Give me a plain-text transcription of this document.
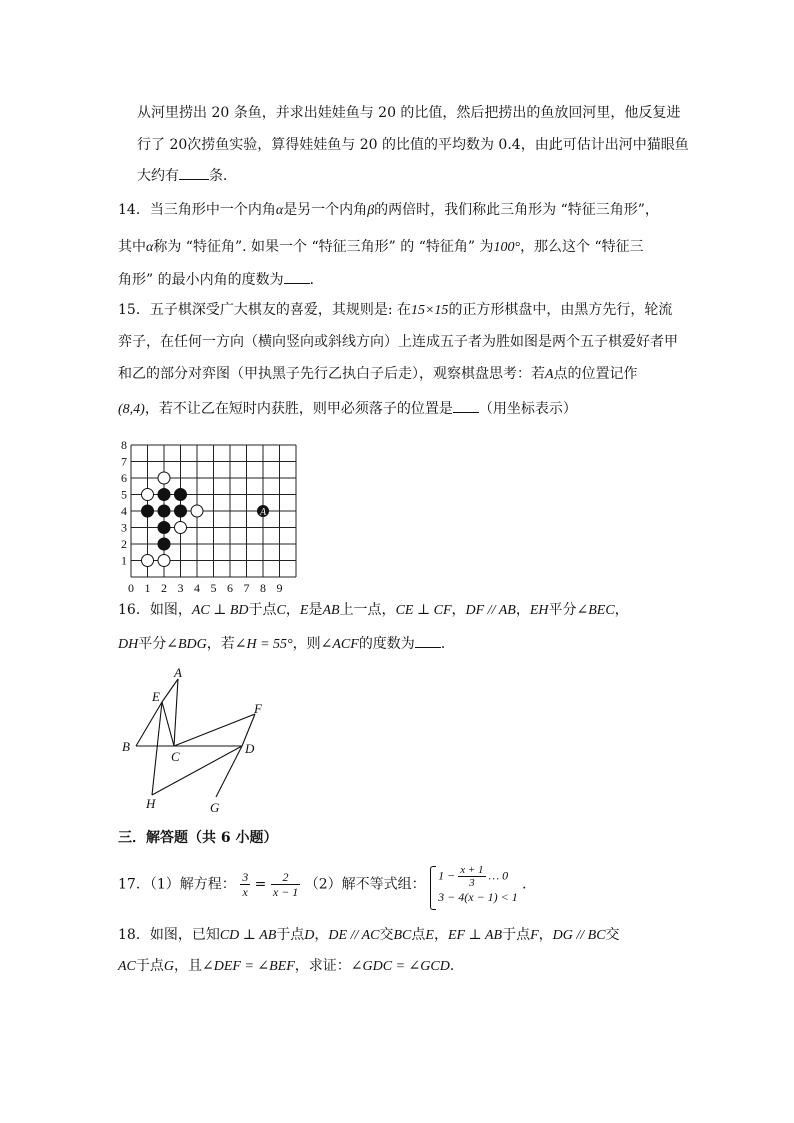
从河里捞出 20 条鱼，并求出娃娃鱼与 20 的比值，然后把捞出的鱼放回河里，他反复进
行了 20次捞鱼实验，算得娃娃鱼与 20 的比值的平均数为 0.4，由此可估计出河中猫眼鱼
大约有 条．
14．当三角形中一个内角α是另一个内角β的两倍时，我们称此三角形为 “特征三角形”，
其中α称为 “特征角”. 如果一个 “特征三角形” 的 “特征角” 为100°，那么这个 “特征三
角形” 的最小内角的度数为 ．
15．五子棋深受广大棋友的喜爱，其规则是: 在15×15的正方形棋盘中，由黑方先行，轮流
弈子，在任何一方向（横向竖向或斜线方向）上连成五子者为胜如图是两个五子棋爱好者甲
和乙的部分对弈图（甲执黑子先行乙执白子后走），观察棋盘思考：若A点的位置记作
(8,4)，若不让乙在短时内获胜，则甲必须落子的位置是 （用坐标表示）
0 1 2 3 4 5 6 7 8 9
1
2
3
4
5
6
7
8
A
16．如图，AC ⊥ BD于点C，E是AB上一点，CE ⊥ CF，DF // AB，EH平分∠BEC，
DH平分∠BDG，若∠H = 55°，则∠ACF的度数为 ．
A
E
F
B
C
D
H	G
三．解答题（共 6 小题）
17．（1）解方程： $\frac{3}{x} = \frac{2}{x - 1} (2)$解不等式组：
$1 - \frac{x + 1}{3}$ … 0
3 − 4(x − 1) < 1
．
18．如图，已知CD ⊥ AB于点D，DE // AC交BC点E，EF ⊥ AB于点F，DG // BC交
AC于点G，且∠DEF = ∠BEF，求证：∠GDC = ∠GCD．
